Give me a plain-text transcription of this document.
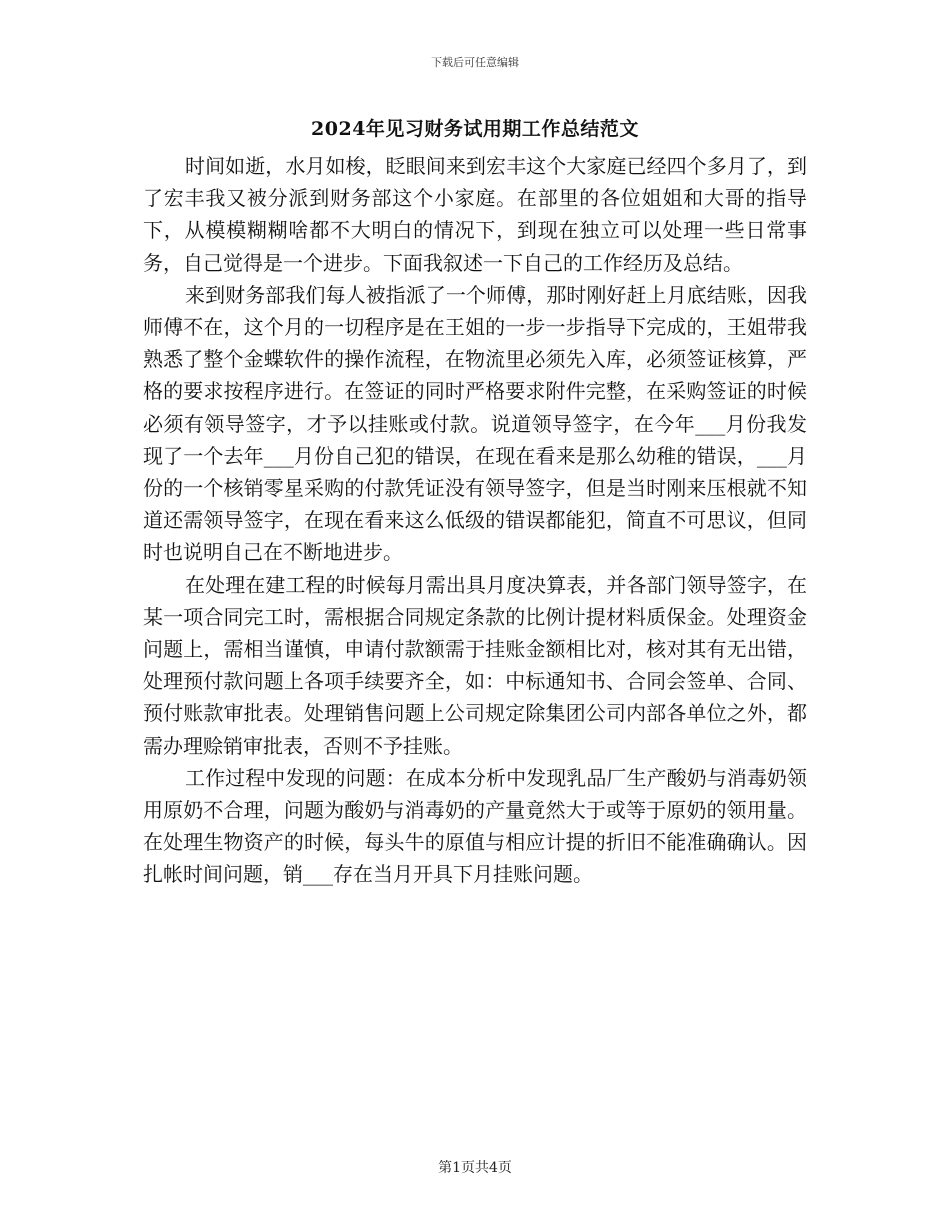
下载后可任意编辑
2024年见习财务试用期工作总结范文

时间如逝，水月如梭，眨眼间来到宏丰这个大家庭已经四个多月了，到了宏丰我又被分派到财务部这个小家庭。在部里的各位姐姐和大哥的指导下，从模模糊糊啥都不大明白的情况下，到现在独立可以处理一些日常事务，自己觉得是一个进步。下面我叙述一下自己的工作经历及总结。

来到财务部我们每人被指派了一个师傅，那时刚好赶上月底结账，因我师傅不在，这个月的一切程序是在王姐的一步一步指导下完成的，王姐带我熟悉了整个金蝶软件的操作流程，在物流里必须先入库，必须签证核算，严格的要求按程序进行。在签证的同时严格要求附件完整，在采购签证的时候必须有领导签字，才予以挂账或付款。说道领导签字，在今年___月份我发现了一个去年___月份自己犯的错误，在现在看来是那么幼稚的错误，___月份的一个核销零星采购的付款凭证没有领导签字，但是当时刚来压根就不知道还需领导签字，在现在看来这么低级的错误都能犯，简直不可思议，但同时也说明自己在不断地进步。

在处理在建工程的时候每月需出具月度决算表，并各部门领导签字，在某一项合同完工时，需根据合同规定条款的比例计提材料质保金。处理资金问题上，需相当谨慎，申请付款额需于挂账金额相比对，核对其有无出错，处理预付款问题上各项手续要齐全，如：中标通知书、合同会签单、合同、预付账款审批表。处理销售问题上公司规定除集团公司内部各单位之外，都需办理赊销审批表，否则不予挂账。

工作过程中发现的问题：在成本分析中发现乳品厂生产酸奶与消毒奶领用原奶不合理，问题为酸奶与消毒奶的产量竟然大于或等于原奶的领用量。在处理生物资产的时候，每头牛的原值与相应计提的折旧不能准确确认。因扎帐时间问题，销___存在当月开具下月挂账问题。

第1页共4页
